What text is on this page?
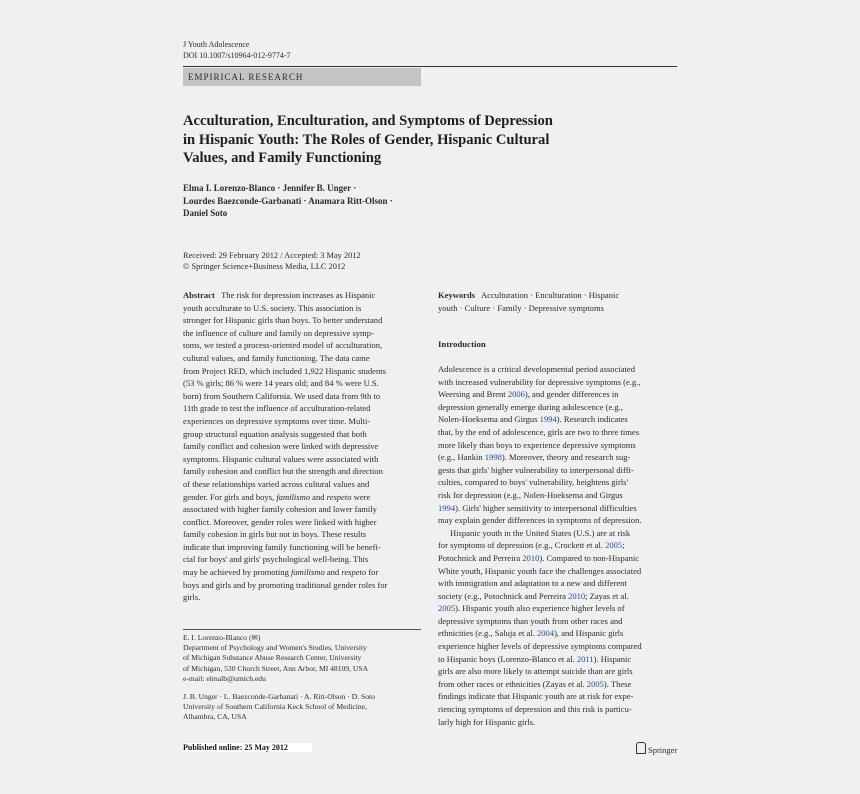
J Youth Adolescence
DOI 10.1007/s10964-012-9774-7
EMPIRICAL RESEARCH
Acculturation, Enculturation, and Symptoms of Depression
in Hispanic Youth: The Roles of Gender, Hispanic Cultural
Values, and Family Functioning
Elma I. Lorenzo-Blanco · Jennifer B. Unger ·
Lourdes Baezconde-Garbanati · Anamara Ritt-Olson ·
Daniel Soto
Received: 29 February 2012 / Accepted: 3 May 2012
© Springer Science+Business Media, LLC 2012
Abstract The risk for depression increases as Hispanic
youth acculturate to U.S. society. This association is
stronger for Hispanic girls than boys. To better understand
the influence of culture and family on depressive symp-
toms, we tested a process-oriented model of acculturation,
cultural values, and family functioning. The data came
from Project RED, which included 1,922 Hispanic students
(53 % girls; 86 % were 14 years old; and 84 % were U.S.
born) from Southern California. We used data from 9th to
11th grade to test the influence of acculturation-related
experiences on depressive symptoms over time. Multi-
group structural equation analysis suggested that both
family conflict and cohesion were linked with depressive
symptoms. Hispanic cultural values were associated with
family cohesion and conflict but the strength and direction
of these relationships varied across cultural values and
gender. For girls and boys, familismo and respeto were
associated with higher family cohesion and lower family
conflict. Moreover, gender roles were linked with higher
family cohesion in girls but not in boys. These results
indicate that improving family functioning will be benefi-
cial for boys' and girls' psychological well-being. This
may be achieved by promoting familismo and respeto for
boys and girls and by promoting traditional gender roles for
girls.
Keywords Acculturation · Enculturation · Hispanic
youth · Culture · Family · Depressive symptoms
Introduction

Adolescence is a critical developmental period associated
with increased vulnerability for depressive symptoms (e.g.,
Weersing and Brent 2006), and gender differences in
depression generally emerge during adolescence (e.g.,
Nolen-Hoeksema and Girgus 1994). Research indicates
that, by the end of adolescence, girls are two to three times
more likely than boys to experience depressive symptoms
(e.g., Hankin 1998). Moreover, theory and research sug-
gests that girls' higher vulnerability to interpersonal diffi-
culties, compared to boys' vulnerability, heightens girls'
risk for depression (e.g., Nolen-Hoeksema and Girgus
1994). Girls' higher sensitivity to interpersonal difficulties
may explain gender differences in symptoms of depression.

Hispanic youth in the United States (U.S.) are at risk
for symptoms of depression (e.g., Crockett et al. 2005;
Potochnick and Perreira 2010). Compared to non-Hispanic
White youth, Hispanic youth face the challenges associated
with immigration and adaptation to a new and different
society (e.g., Potochnick and Perreira 2010; Zayas et al.
2005). Hispanic youth also experience higher levels of
depressive symptoms than youth from other races and
ethnicities (e.g., Saluja et al. 2004), and Hispanic girls
experience higher levels of depressive symptoms compared
to Hispanic boys (Lorenzo-Blanco et al. 2011). Hispanic
girls are also more likely to attempt suicide than are girls
from other races or ethnicities (Zayas et al. 2005). These
findings indicate that Hispanic youth are at risk for expe-
riencing symptoms of depression and this risk is particu-
larly high for Hispanic girls.

E. I. Lorenzo-Blanco (✉)
Department of Psychology and Women's Studies, University
of Michigan Substance Abuse Research Center, University
of Michigan, 530 Church Street, Ann Arbor, MI 48109, USA
e-mail: elmalb@umich.edu
J. B. Unger · L. Baezconde-Garbanati · A. Ritt-Olson · D. Soto
University of Southern California Keck School of Medicine,
Alhambra, CA, USA
Published online: 25 May 2012	Springer
